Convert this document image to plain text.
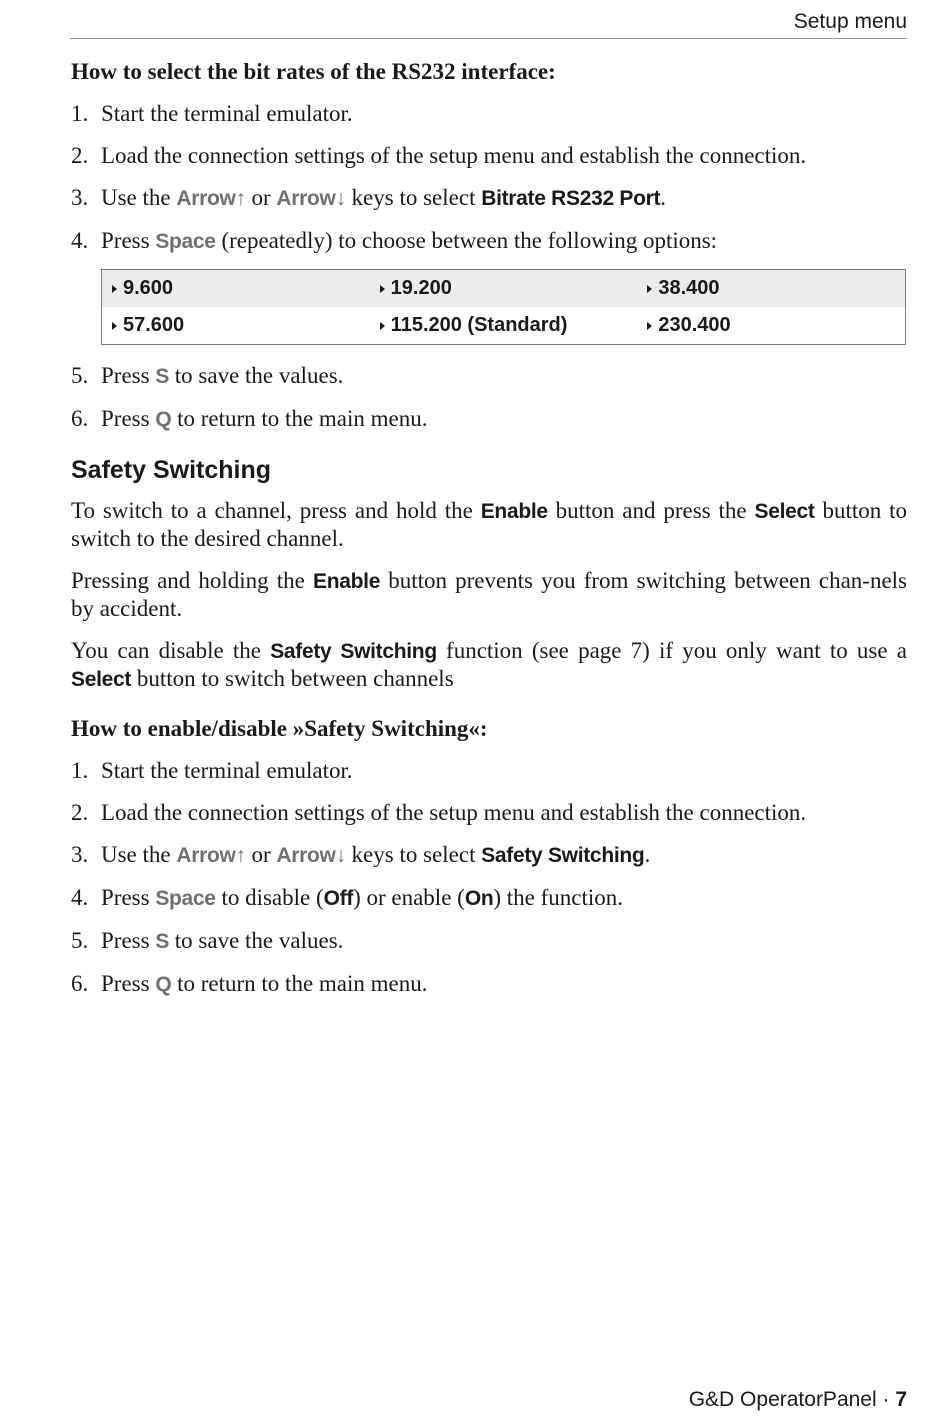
Setup menu
How to select the bit rates of the RS232 interface:
1. Start the terminal emulator.
2. Load the connection settings of the setup menu and establish the connection.
3. Use the Arrow↑ or Arrow↓ keys to select Bitrate RS232 Port.
4. Press Space (repeatedly) to choose between the following options:
9.600	19.200	38.400
57.600	115.200 (Standard)	230.400
5. Press S to save the values.
6. Press Q to return to the main menu.
Safety Switching

To switch to a channel, press and hold the Enable button and press the Select button to switch to the desired channel.

Pressing and holding the Enable button prevents you from switching between chan-nels by accident.

You can disable the Safety Switching function (see page 7) if you only want to use a Select button to switch between channels

How to enable/disable »Safety Switching«:
1. Start the terminal emulator.
2. Load the connection settings of the setup menu and establish the connection.
3. Use the Arrow↑ or Arrow↓ keys to select Safety Switching.
4. Press Space to disable (Off) or enable (On) the function.
5. Press S to save the values.
6. Press Q to return to the main menu.
G&D OperatorPanel · 7
